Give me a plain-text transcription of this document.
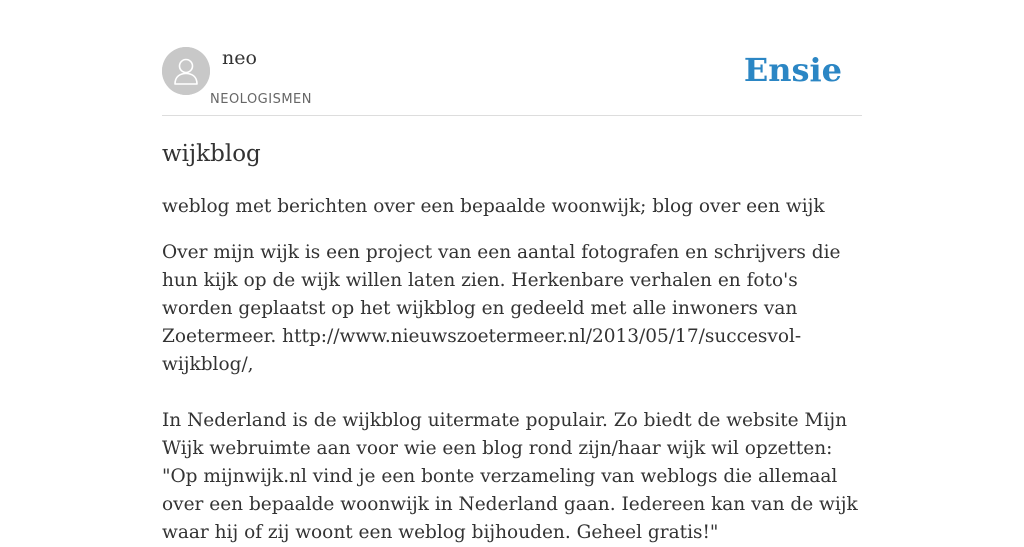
neo
NEOLOGISMEN
Ensie
wijkblog
weblog met berichten over een bepaalde woonwijk; blog over een wijk
Over mijn wijk is een project van een aantal fotografen en schrijvers die hun kijk op de wijk willen laten zien. Herkenbare verhalen en foto's worden geplaatst op het wijkblog en gedeeld met alle inwoners van Zoetermeer. http://www.nieuwszoetermeer.nl/2013/05/17/succesvol-wijkblog/,

In Nederland is de wijkblog uitermate populair. Zo biedt de website Mijn Wijk webruimte aan voor wie een blog rond zijn/haar wijk wil opzetten: "Op mijnwijk.nl vind je een bonte verzameling van weblogs die allemaal over een bepaalde woonwijk in Nederland gaan. Iedereen kan van de wijk waar hij of zij woont een weblog bijhouden. Geheel gratis!"
